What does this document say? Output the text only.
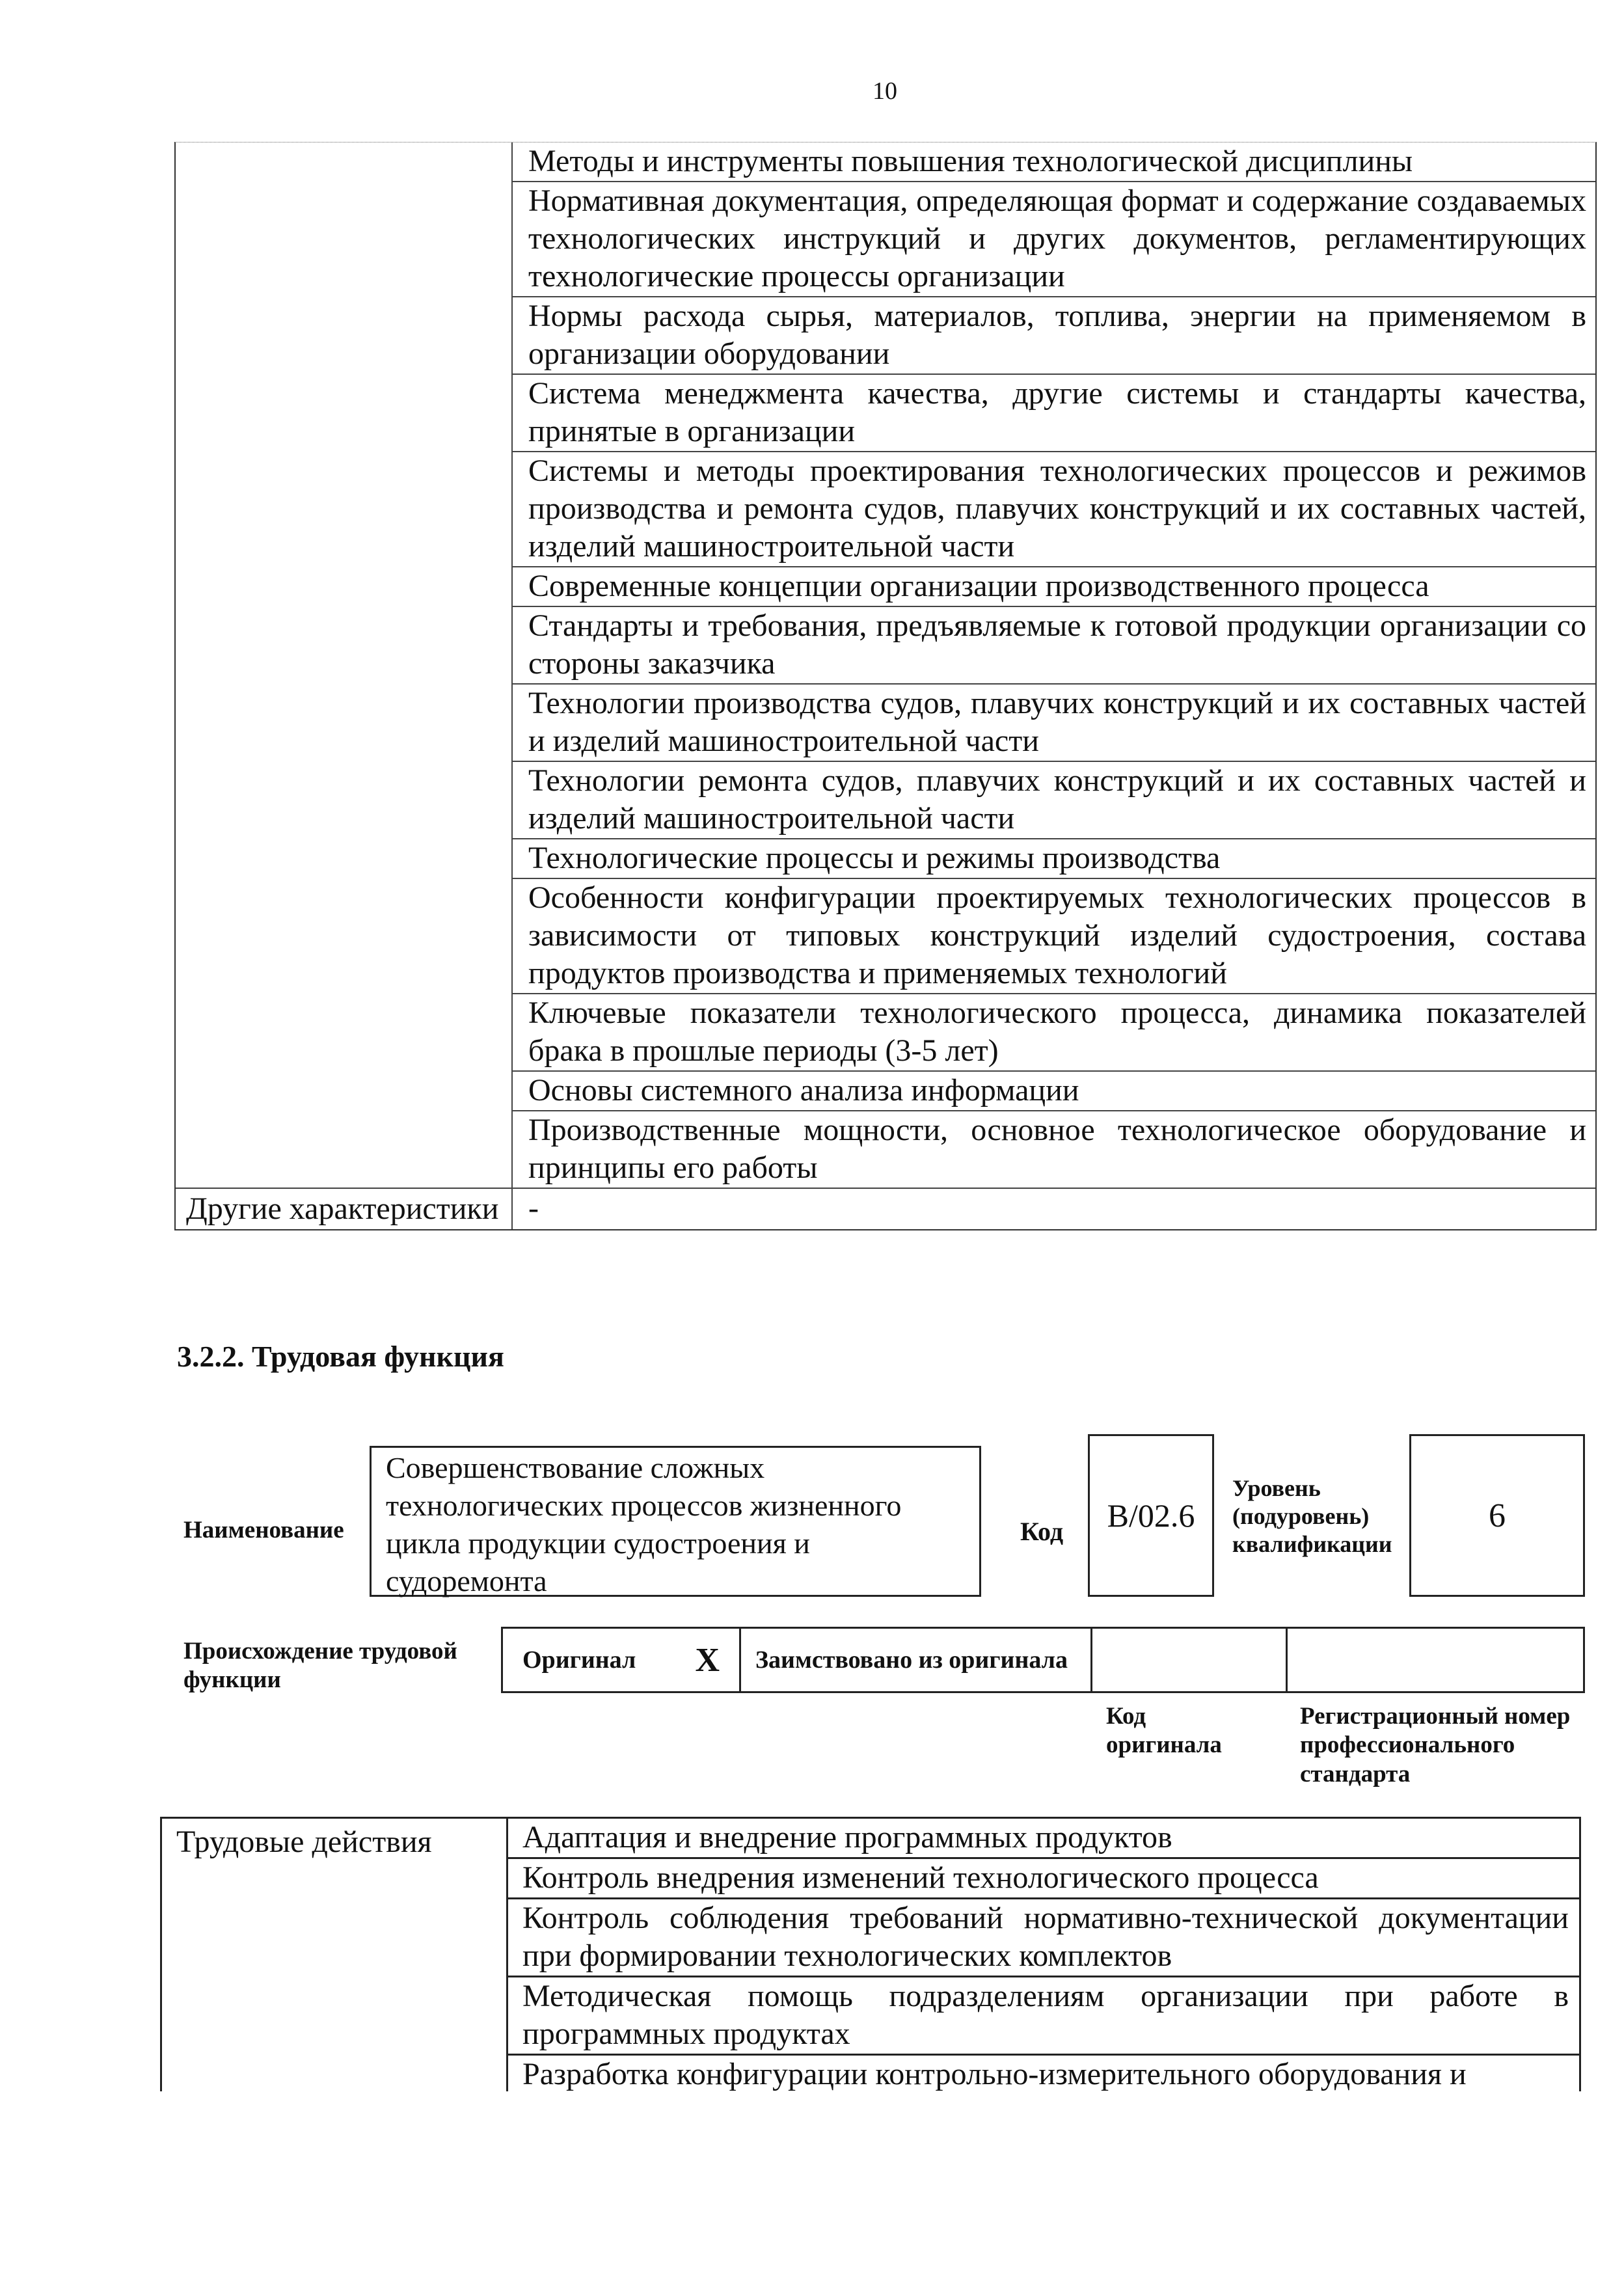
10
Методы и инструменты повышения технологической дисциплины
Нормативная документация, определяющая формат и содержание создаваемых технологических инструкций и других документов, регламентирующих технологические процессы организации
Нормы расхода сырья, материалов, топлива, энергии на применяемом в организации оборудовании
Система менеджмента качества, другие системы и стандарты качества, принятые в организации
Системы и методы проектирования технологических процессов и режимов производства и ремонта судов, плавучих конструкций и их составных частей, изделий машиностроительной части
Современные концепции организации производственного процесса
Стандарты и требования, предъявляемые к готовой продукции организации со стороны заказчика
Технологии производства судов, плавучих конструкций и их составных частей и изделий машиностроительной части
Технологии ремонта судов, плавучих конструкций и их составных частей и изделий машиностроительной части
Технологические процессы и режимы производства
Особенности конфигурации проектируемых технологических процессов в зависимости от типовых конструкций изделий судостроения, состава продуктов производства и применяемых технологий
Ключевые показатели технологического процесса, динамика показателей брака в прошлые периоды (3-5 лет)
Основы системного анализа информации
Производственные мощности, основное технологическое оборудование и принципы его работы
Другие характеристики -
3.2.2. Трудовая функция
Наименование
Совершенствование сложных технологических процессов жизненного цикла продукции судостроения и судоремонта
Код	B/02.6
Уровень (подуровень) квалификации
6
Происхождение трудовой функции
Оригинал X	Заимствовано из оригинала
Код оригинала
Регистрационный номер профессионального стандарта
Трудовые действия	Адаптация и внедрение программных продуктов
Контроль внедрения изменений технологического процесса
Контроль соблюдения требований нормативно-технической документации при формировании технологических комплектов
Методическая помощь подразделениям организации при работе в программных продуктах
Разработка конфигурации контрольно-измерительного оборудования и
